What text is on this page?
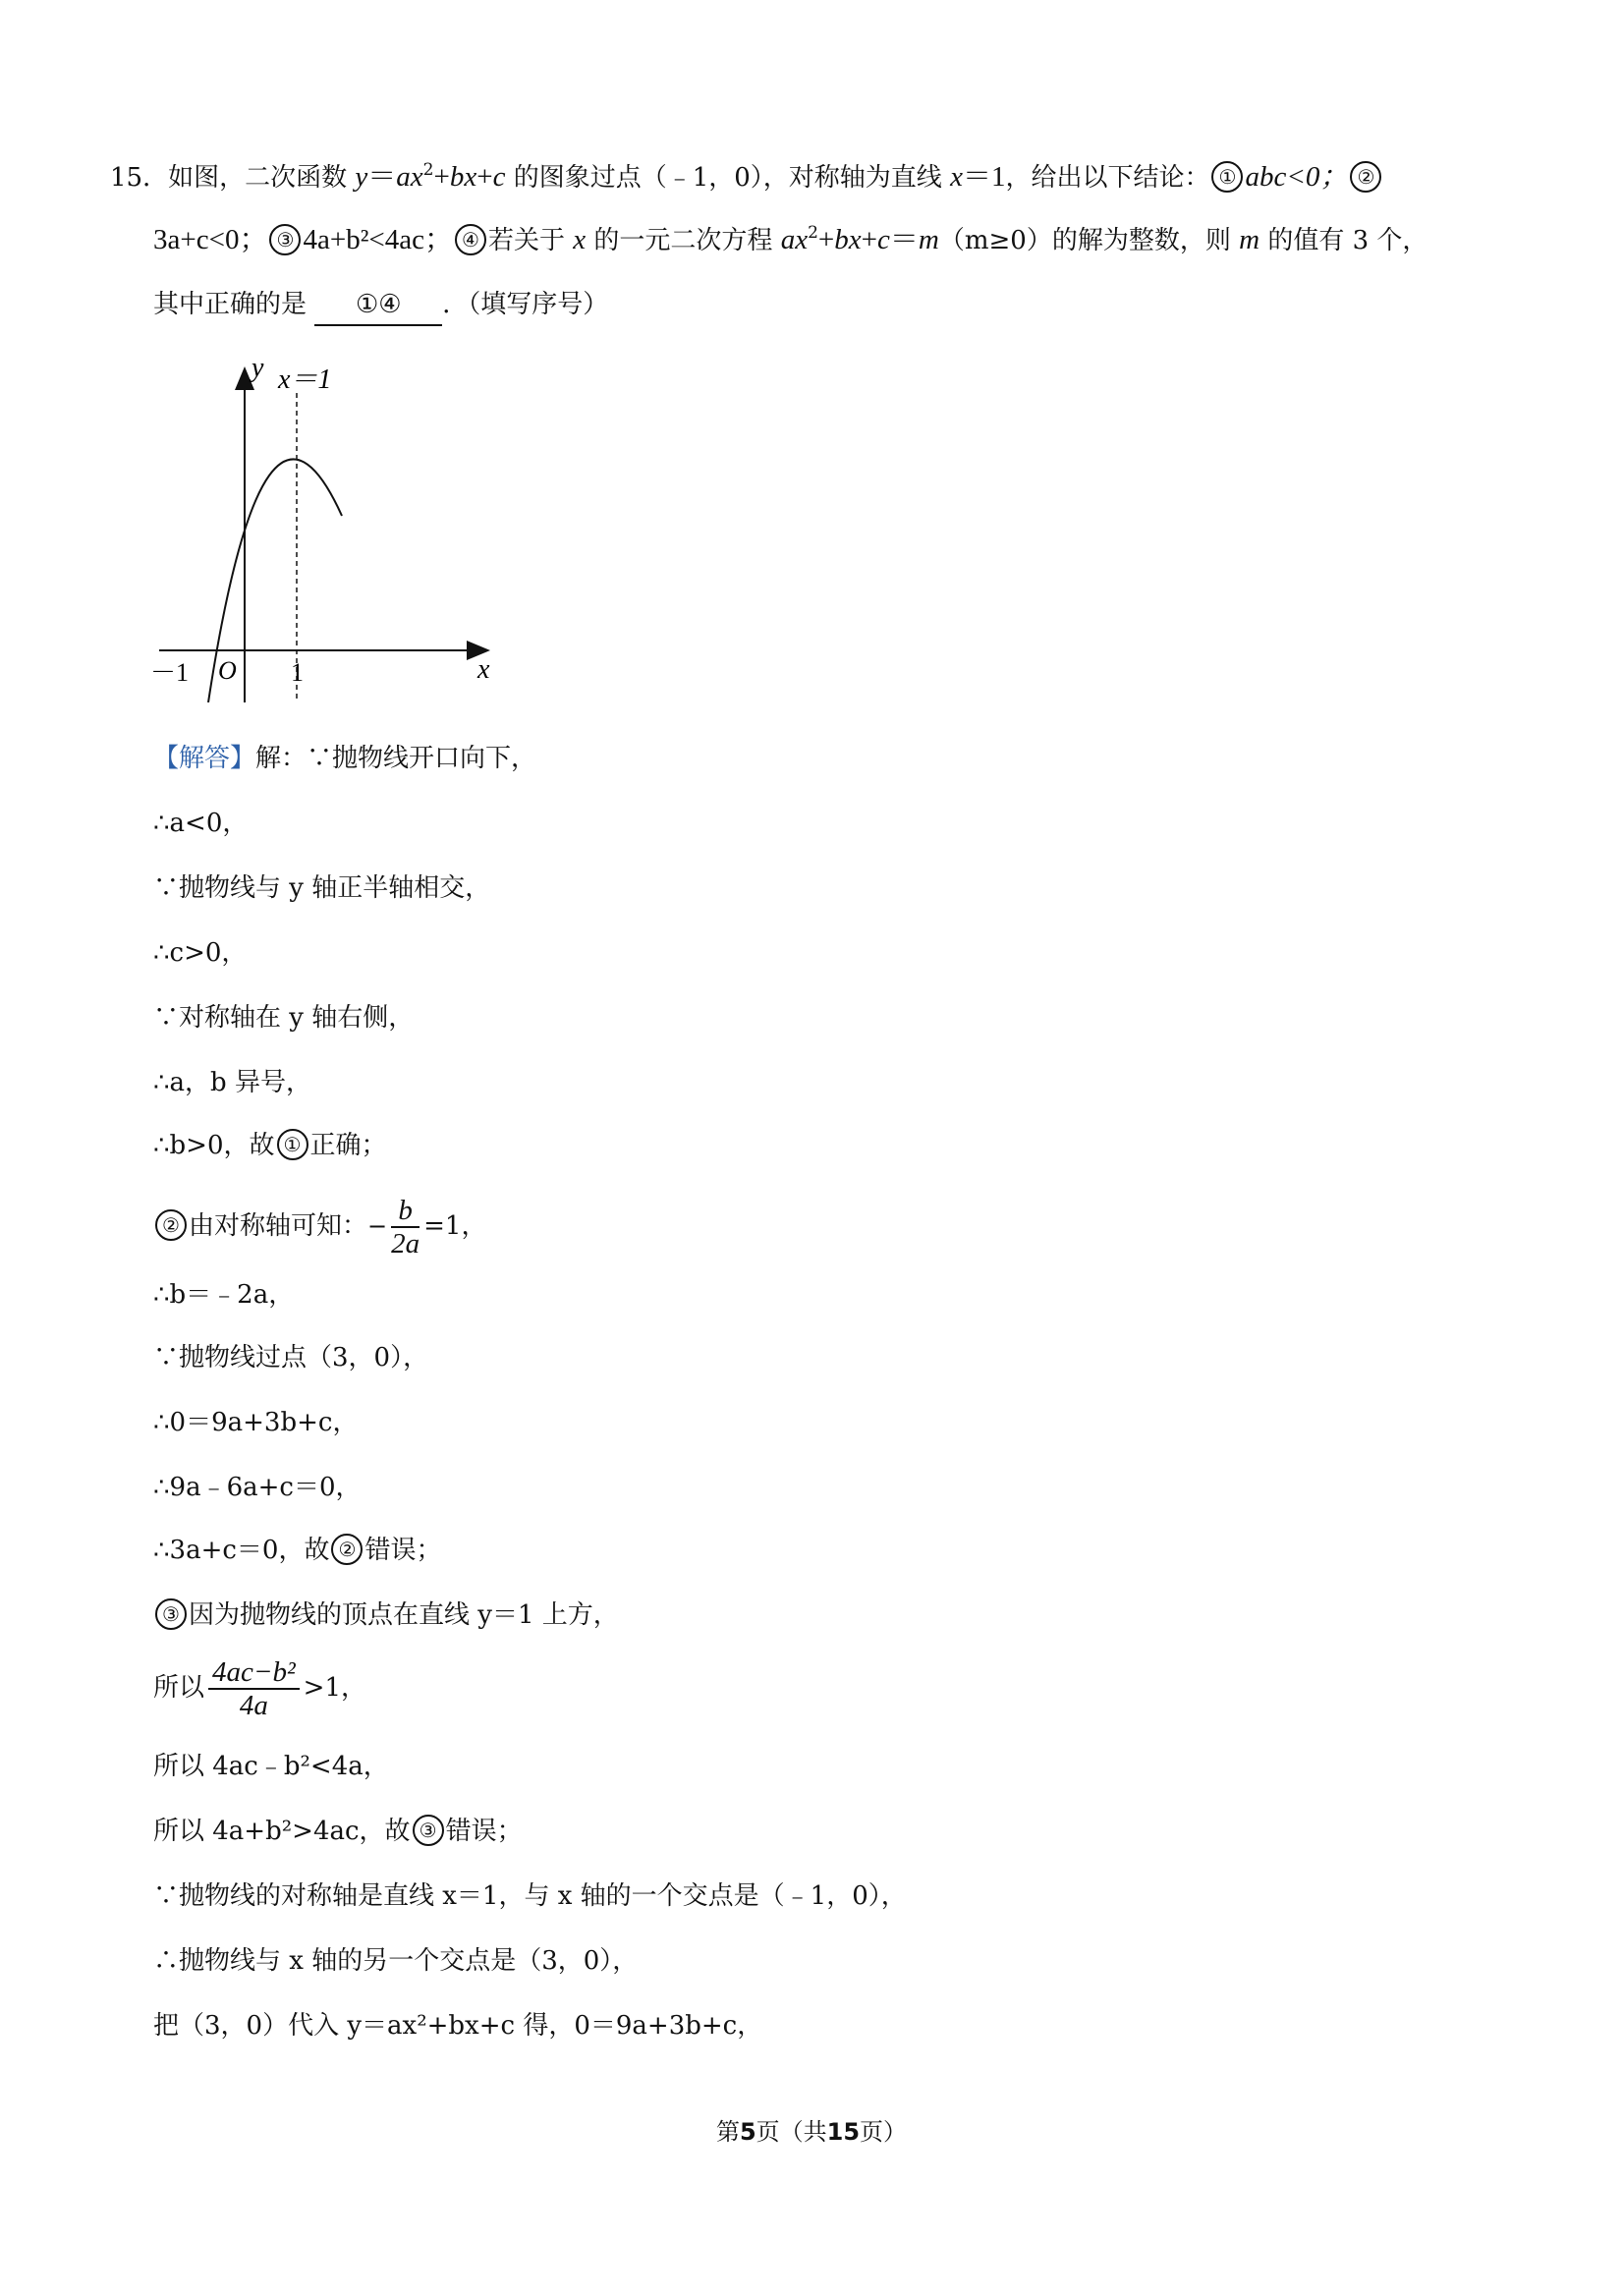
15．如图，二次函数 $y=ax^2+bx+c$ 的图象过点（﹣1，0），对称轴为直线 x＝1，给出以下结论： ① abc<0； ②
3a+c<0； ③ 4a+b²<4ac； ④ 若关于 x 的一元二次方程 $ax^2+bx+c=m(m\ge 0)$的解为整数，则 m 的值有 3 个，
其中正确的是 ①④ ．（填写序号）
y x＝1
x
O
－1	1
【解答】解：∵抛物线开口向下，
∴a<0，
∵抛物线与 y 轴正半轴相交，
∴c>0，
∵对称轴在 y 轴右侧，
∴a，b 异号，
∴b>0，故 ① 正确；
② 由对称轴可知：− $\frac{b}{2a} =1$，
∴b＝﹣2a，
∵抛物线过点（3，0），
∴0＝9a+3b+c，
∴9a﹣6a+c＝0，
∴3a+c＝0，故 ② 错误；
③ 因为抛物线的顶点在直线 y＝1 上方，
所以 $\frac{\text{4ac−b²}}{4a} >1$，
所以 4ac﹣b²<4a，
所以 4a+b²>4ac，故 ③ 错误；
∵抛物线的对称轴是直线 x＝1，与 x 轴的一个交点是（﹣1，0），
∴抛物线与 x 轴的另一个交点是（3，0），
把（3，0）代入 y＝ax²+bx+c 得，0＝9a+3b+c，
第5页（共15页）
